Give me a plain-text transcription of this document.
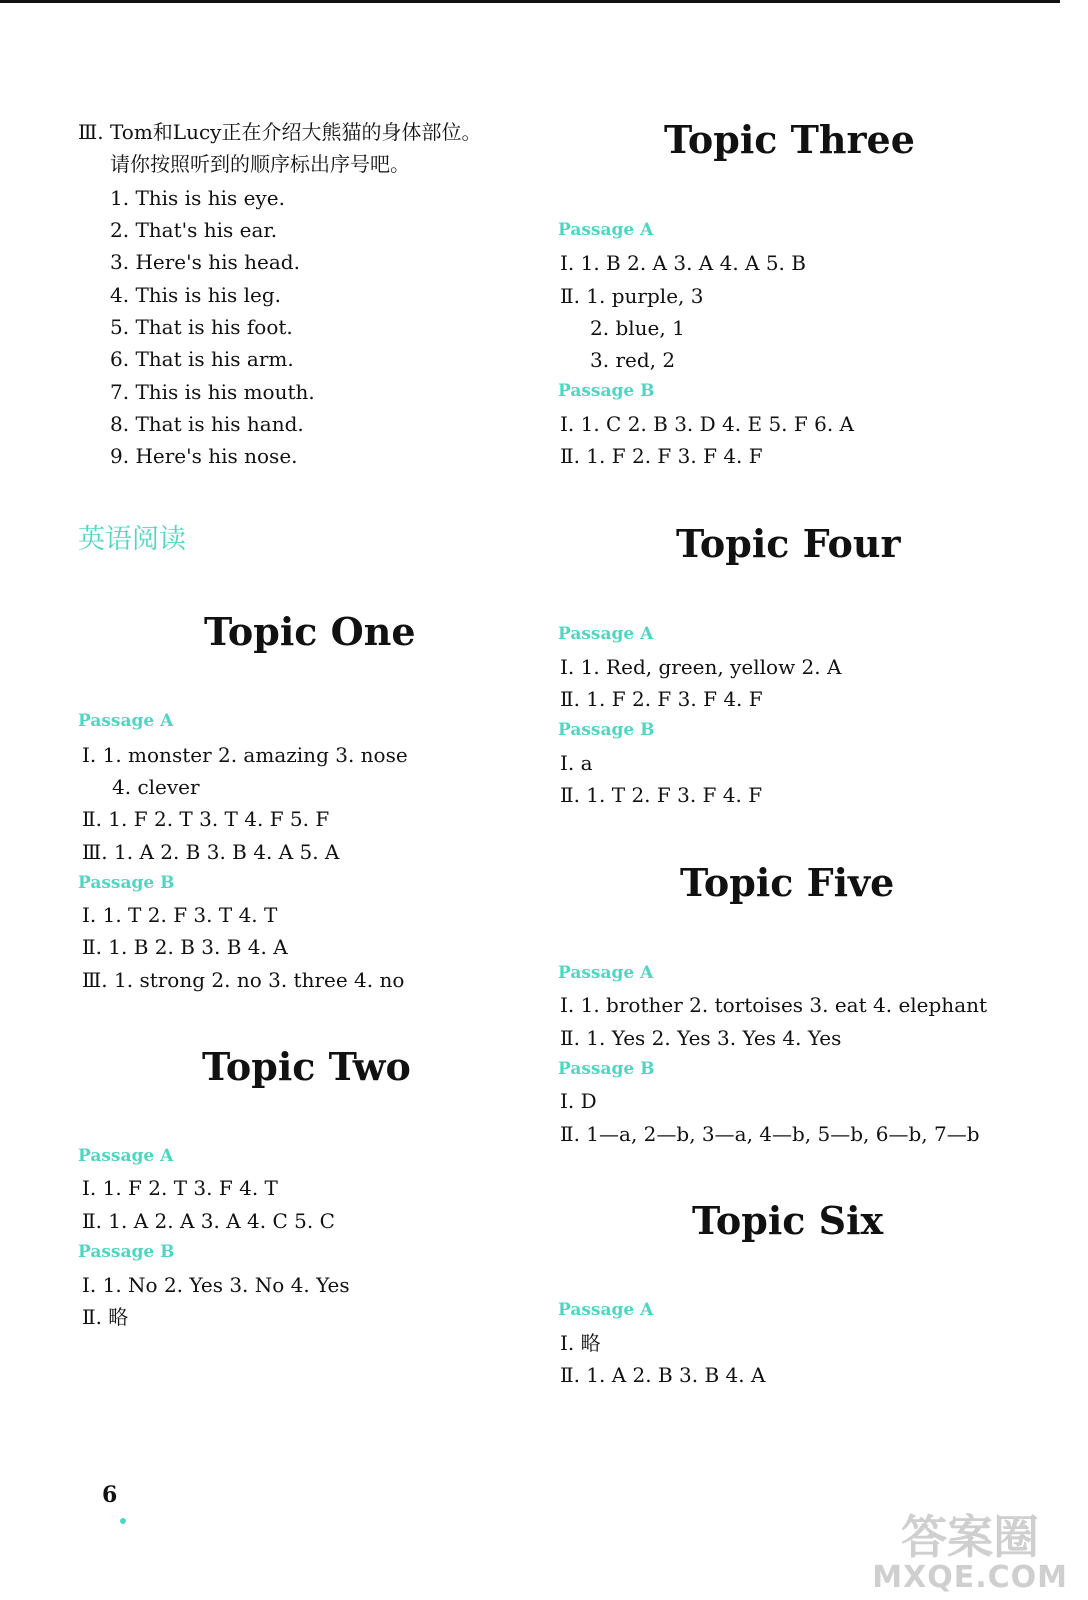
Ⅲ. Tom和Lucy正在介绍大熊猫的身体部位。
请你按照听到的顺序标出序号吧。
1. This is his eye.
2. That's his ear.
3. Here's his head.
4. This is his leg.
5. That is his foot.
6. That is his arm.
7. This is his mouth.
8. That is his hand.
9. Here's his nose.
英语阅读
Topic One
Passage A
Ⅰ. 1. monster 2. amazing 3. nose
4. clever
Ⅱ. 1. F 2. T 3. T 4. F 5. F
Ⅲ. 1. A 2. B 3. B 4. A 5. A
Passage B
Ⅰ. 1. T 2. F 3. T 4. T
Ⅱ. 1. B 2. B 3. B 4. A
Ⅲ. 1. strong 2. no 3. three 4. no
Topic Two
Passage A
Ⅰ. 1. F 2. T 3. F 4. T
Ⅱ. 1. A 2. A 3. A 4. C 5. C
Passage B
Ⅰ. 1. No 2. Yes 3. No 4. Yes
Ⅱ. 略
6
Topic Three
Passage A
Ⅰ. 1. B 2. A 3. A 4. A 5. B
Ⅱ. 1. purple, 3
2. blue, 1
3. red, 2
Passage B
Ⅰ. 1. C 2. B 3. D 4. E 5. F 6. A
Ⅱ. 1. F 2. F 3. F 4. F
Topic Four
Passage A
Ⅰ. 1. Red, green, yellow 2. A
Ⅱ. 1. F 2. F 3. F 4. F
Passage B
Ⅰ. a
Ⅱ. 1. T 2. F 3. F 4. F
Topic Five
Passage A
Ⅰ. 1. brother 2. tortoises 3. eat 4. elephant
Ⅱ. 1. Yes 2. Yes 3. Yes 4. Yes
Passage B
Ⅰ. D
Ⅱ. 1—a, 2—b, 3—a, 4—b, 5—b, 6—b, 7—b
Topic Six
Passage A
Ⅰ. 略
Ⅱ. 1. A 2. B 3. B 4. A
答案圈
MXQE.COM
